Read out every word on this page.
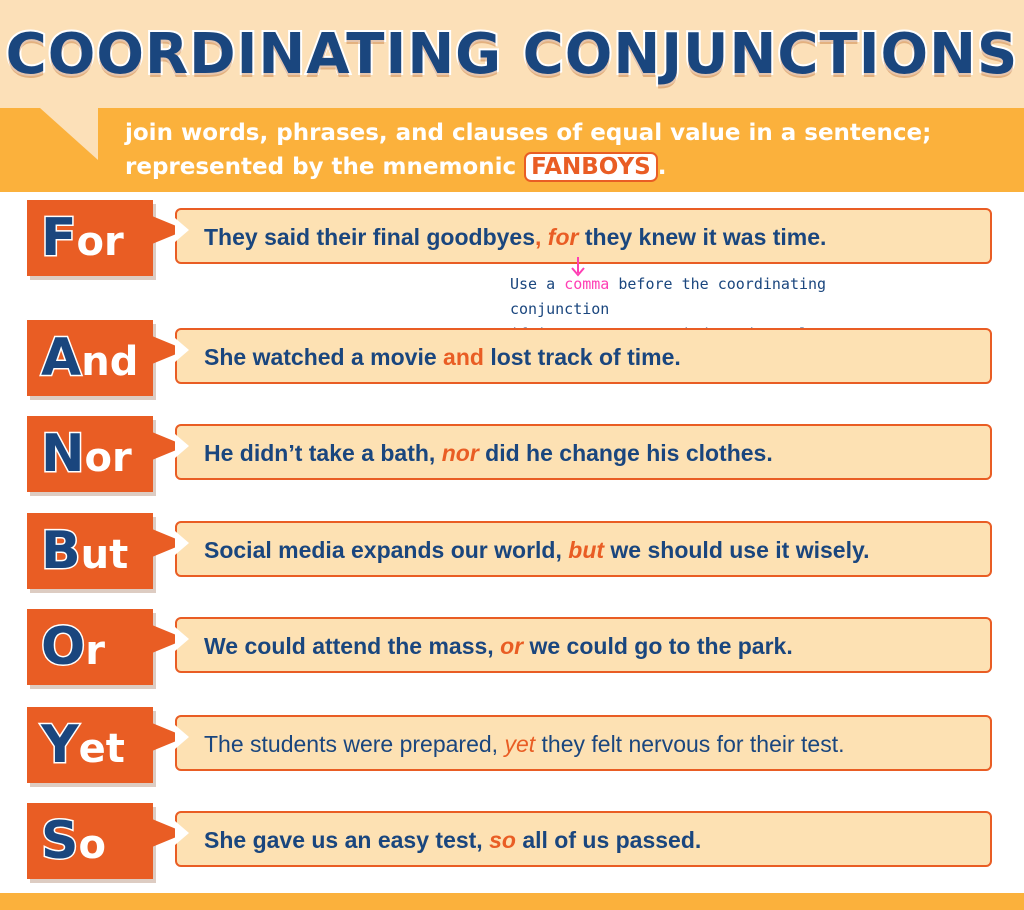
COORDINATING CONJUNCTIONS
join words, phrases, and clauses of equal value in a sentence;
represented by the mnemonic FANBOYS .
For	They said their final goodbyes, for they knew it was time.
Use a comma before the coordinating conjunction
And	She watched a movie and lost track of time.
Nor	He didn’t take a bath, nor did he change his clothes.
But	Social media expands our world, but we should use it wisely.
Or	We could attend the mass, or we could go to the park.
Yet	The students were prepared, yet they felt nervous for their test.
So	She gave us an easy test, so all of us passed.
